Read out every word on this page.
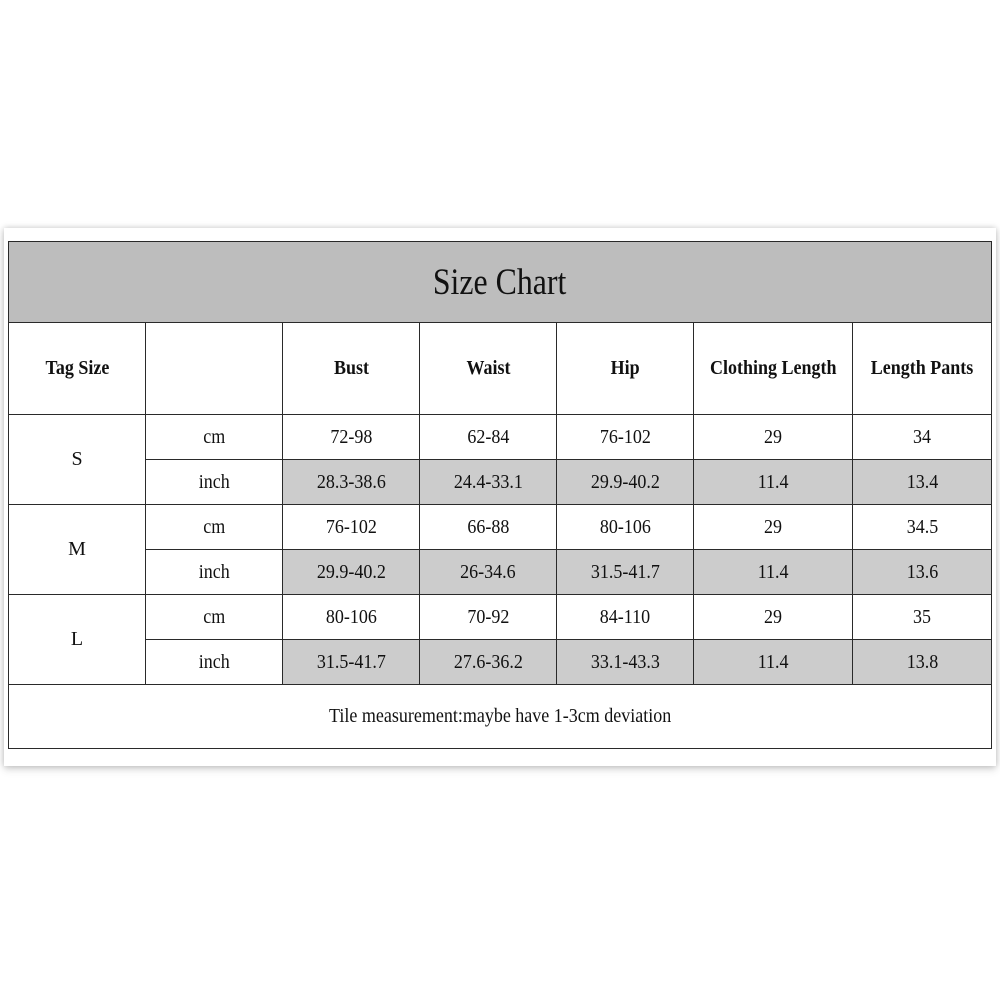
Size Chart						
Tag Size		Bust	Waist	Hip	Clothing Length	Length Pants
S	cm	72-98	62-84	76-102	29	34
	inch	28.3-38.6	24.4-33.1	29.9-40.2	11.4	13.4
M	cm	76-102	66-88	80-106	29	34.5
	inch	29.9-40.2	26-34.6	31.5-41.7	11.4	13.6
L	cm	80-106	70-92	84-110	29	35
	inch	31.5-41.7	27.6-36.2	33.1-43.3	11.4	13.8
Tile measurement:maybe have 1-3cm deviation						
